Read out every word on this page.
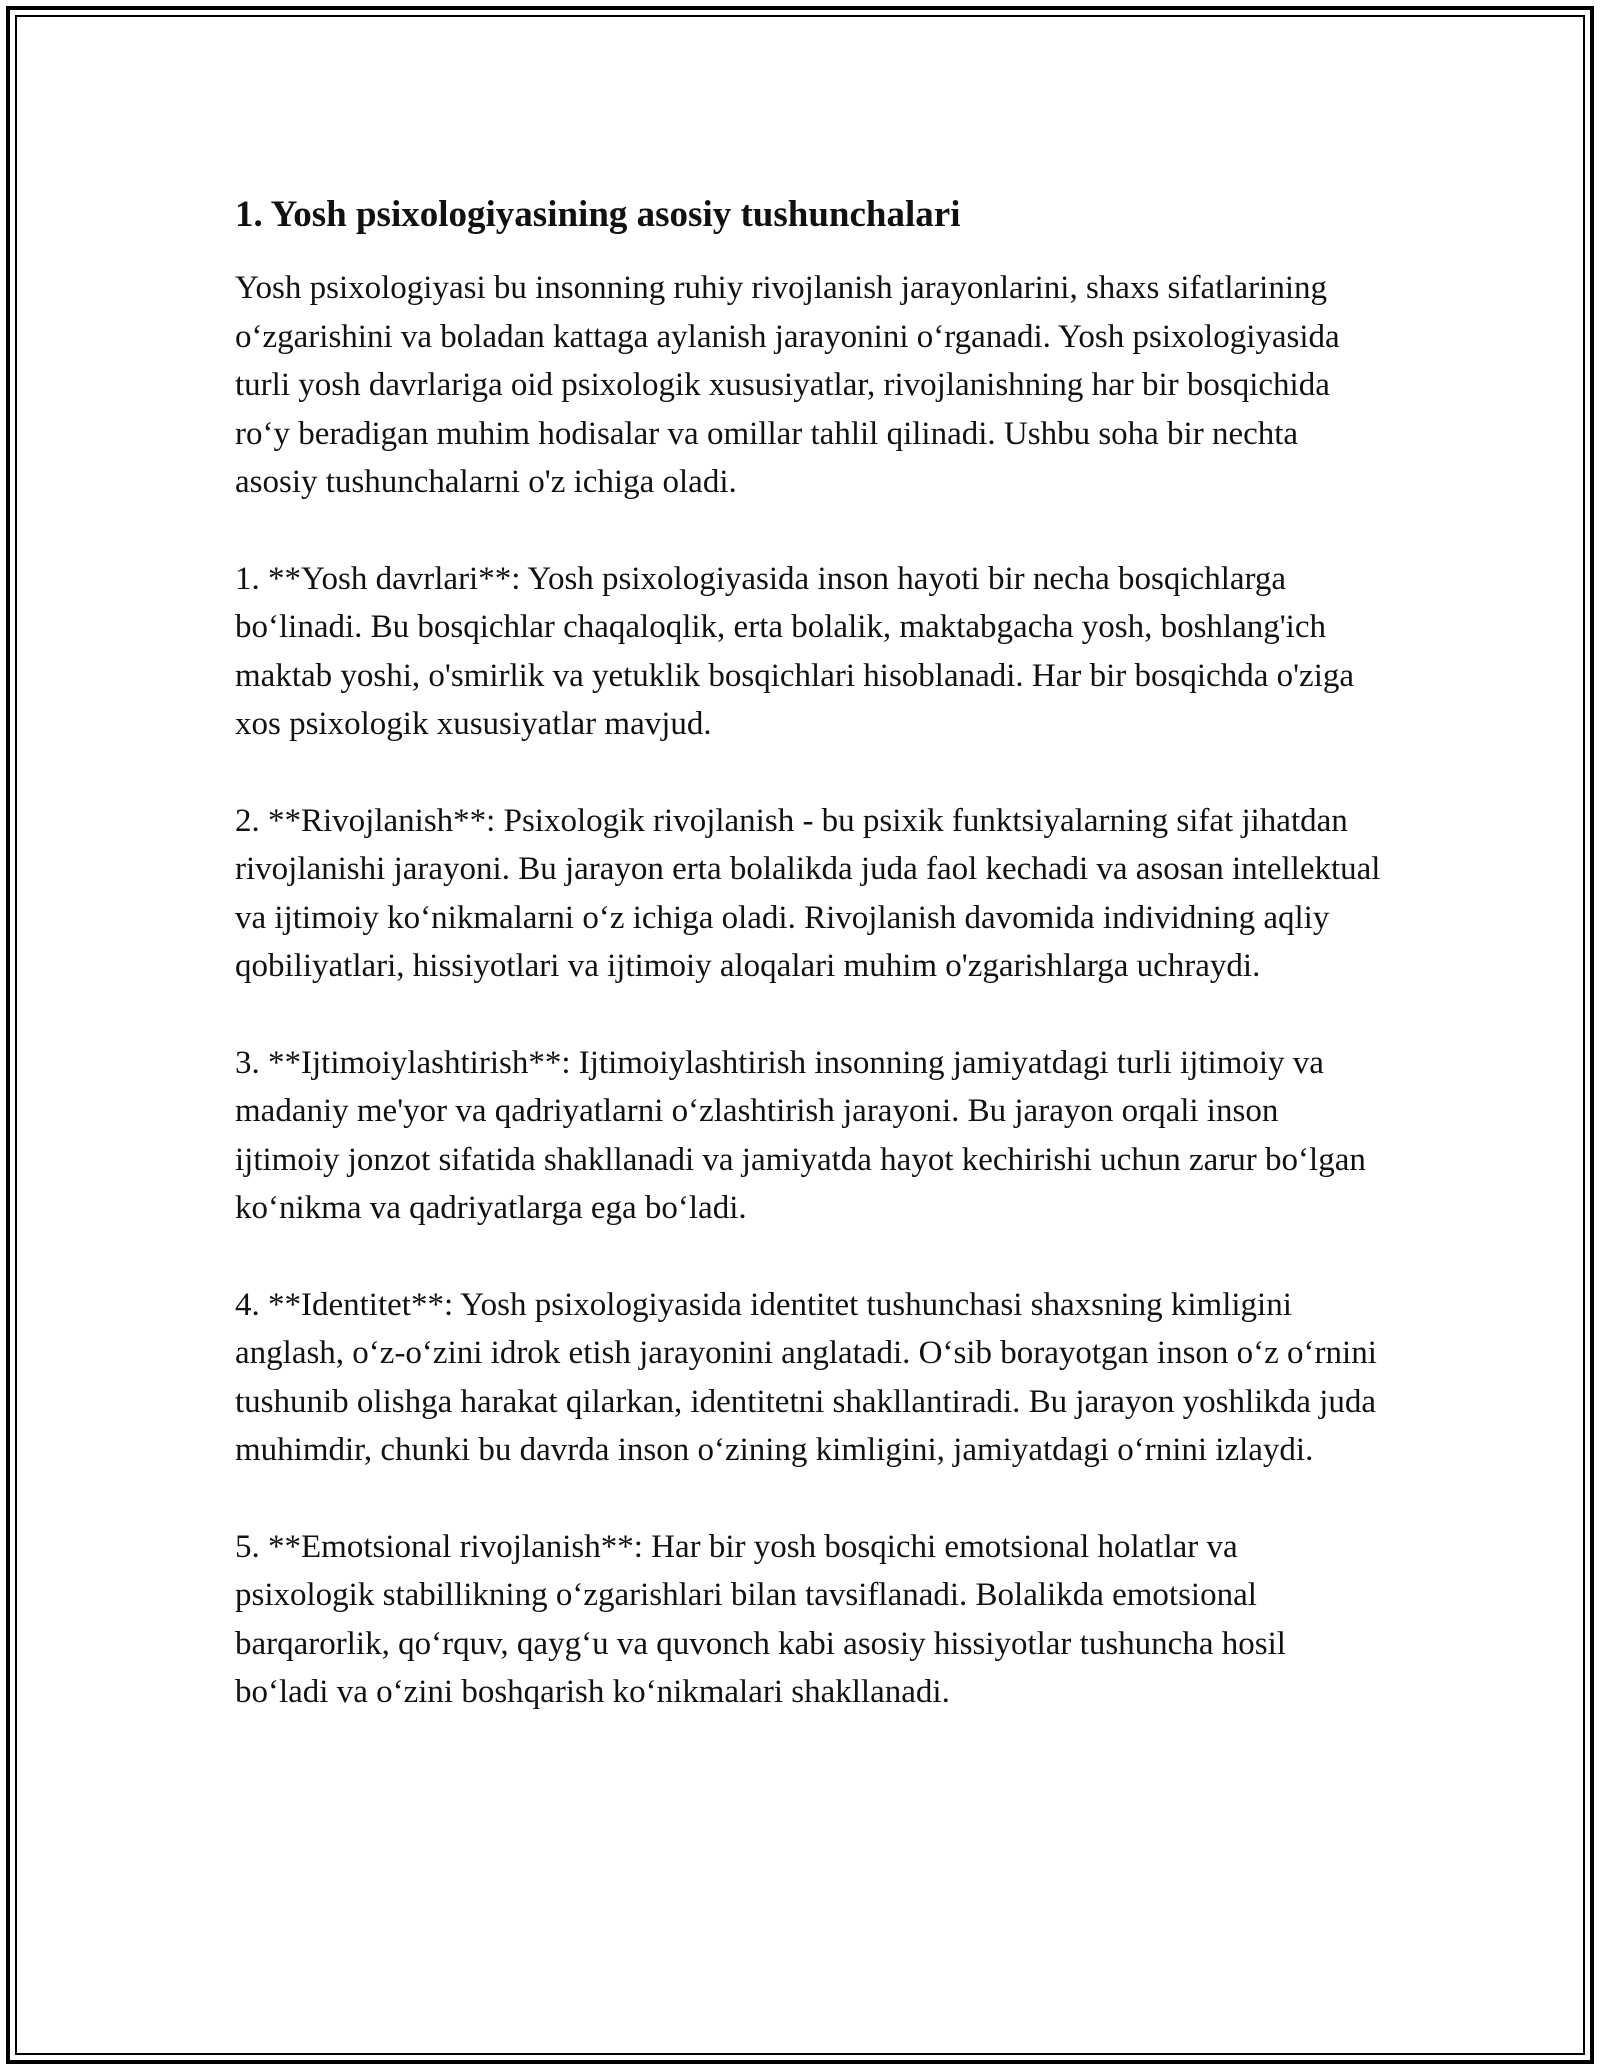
1. Yosh psixologiyasining asosiy tushunchalari

Yosh psixologiyasi bu insonning ruhiy rivojlanish jarayonlarini, shaxs sifatlarining o‘zgarishini va boladan kattaga aylanish jarayonini o‘rganadi. Yosh psixologiyasida turli yosh davrlariga oid psixologik xususiyatlar, rivojlanishning har bir bosqichida ro‘y beradigan muhim hodisalar va omillar tahlil qilinadi. Ushbu soha bir nechta asosiy tushunchalarni o'z ichiga oladi.

1. **Yosh davrlari**: Yosh psixologiyasida inson hayoti bir necha bosqichlarga bo‘linadi. Bu bosqichlar chaqaloqlik, erta bolalik, maktabgacha yosh, boshlang'ich maktab yoshi, o'smirlik va yetuklik bosqichlari hisoblanadi. Har bir bosqichda o'ziga xos psixologik xususiyatlar mavjud.

2. **Rivojlanish**: Psixologik rivojlanish - bu psixik funktsiyalarning sifat jihatdan rivojlanishi jarayoni. Bu jarayon erta bolalikda juda faol kechadi va asosan intellektual va ijtimoiy ko‘nikmalarni o‘z ichiga oladi. Rivojlanish davomida individning aqliy qobiliyatlari, hissiyotlari va ijtimoiy aloqalari muhim o'zgarishlarga uchraydi.

3. **Ijtimoiylashtirish**: Ijtimoiylashtirish insonning jamiyatdagi turli ijtimoiy va madaniy me'yor va qadriyatlarni o‘zlashtirish jarayoni. Bu jarayon orqali inson ijtimoiy jonzot sifatida shakllanadi va jamiyatda hayot kechirishi uchun zarur bo‘lgan ko‘nikma va qadriyatlarga ega bo‘ladi.

4. **Identitet**: Yosh psixologiyasida identitet tushunchasi shaxsning kimligini anglash, o‘z-o‘zini idrok etish jarayonini anglatadi. O‘sib borayotgan inson o‘z o‘rnini tushunib olishga harakat qilarkan, identitetni shakllantiradi. Bu jarayon yoshlikda juda muhimdir, chunki bu davrda inson o‘zining kimligini, jamiyatdagi o‘rnini izlaydi.

5. **Emotsional rivojlanish**: Har bir yosh bosqichi emotsional holatlar va psixologik stabillikning o‘zgarishlari bilan tavsiflanadi. Bolalikda emotsional barqarorlik, qo‘rquv, qayg‘u va quvonch kabi asosiy hissiyotlar tushuncha hosil bo‘ladi va o‘zini boshqarish ko‘nikmalari shakllanadi.
